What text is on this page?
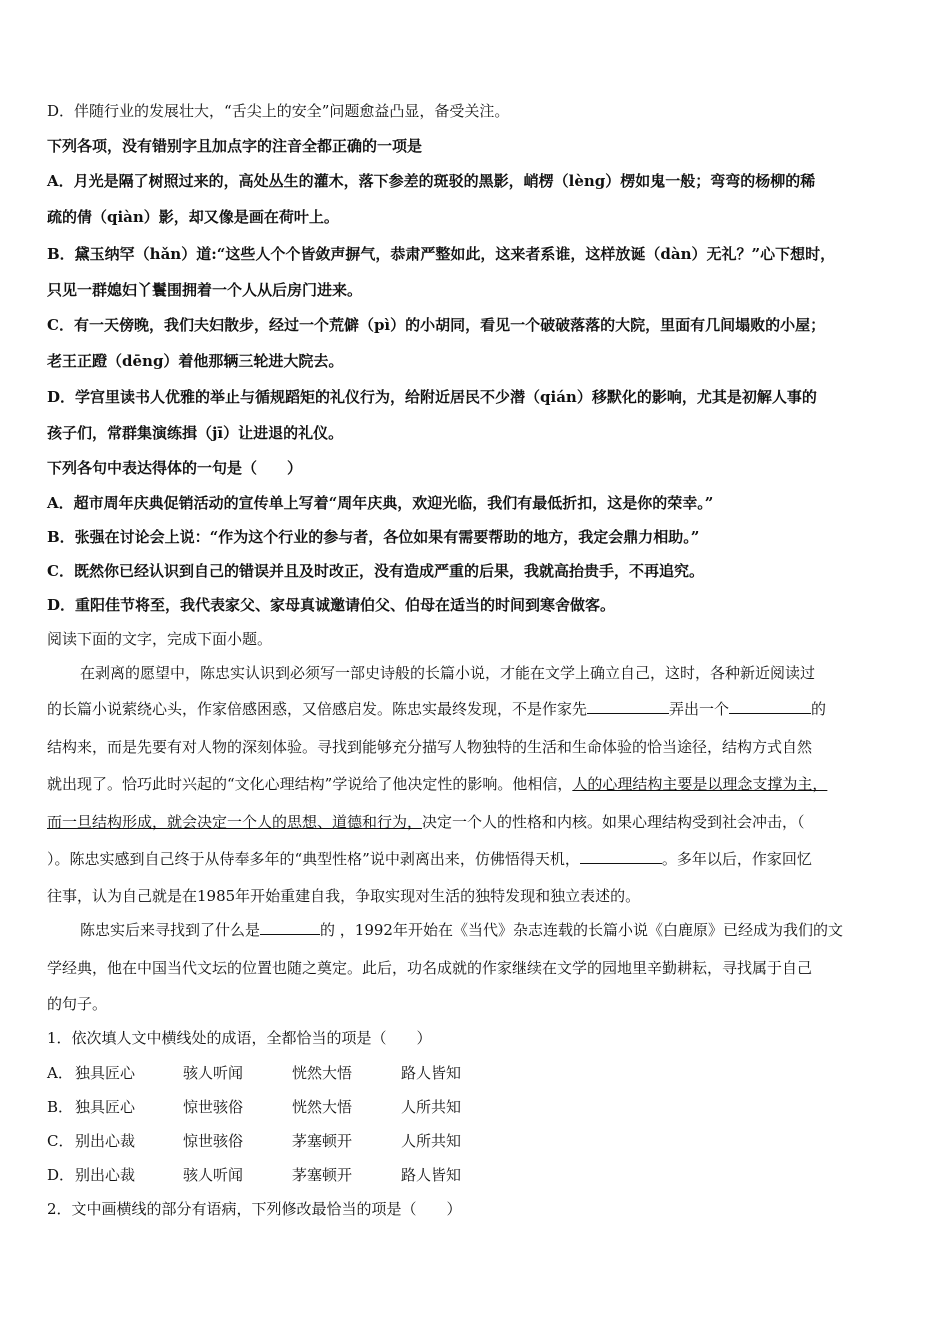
D．伴随行业的发展壮大，“舌尖上的安全”问题愈益凸显，备受关注。
下列各项，没有错别字且加点字的注音全都正确的一项是
A．月光是隔了树照过来的，高处丛生的灌木，落下参差的斑驳的黑影，峭楞（lèng）楞如鬼一般；弯弯的杨柳的稀
疏的倩（qiàn）影，却又像是画在荷叶上。
B．黛玉纳罕（hǎn）道:“这些人个个皆敛声摒气，恭肃严整如此，这来者系谁，这样放诞（dàn）无礼？”心下想时，
只见一群媳妇丫鬟围拥着一个人从后房门进来。
C．有一天傍晚，我们夫妇散步，经过一个荒僻（pì）的小胡同，看见一个破破落落的大院，里面有几间塌败的小屋；
老王正蹬（dēng）着他那辆三轮进大院去。
D．学宫里读书人优雅的举止与循规蹈矩的礼仪行为，给附近居民不少潜（qián）移默化的影响，尤其是初解人事的
孩子们，常群集演练揖（jī）让进退的礼仪。
下列各句中表达得体的一句是（　　）
A．超市周年庆典促销活动的宣传单上写着“周年庆典，欢迎光临，我们有最低折扣，这是你的荣幸。”
B．张强在讨论会上说：“作为这个行业的参与者，各位如果有需要帮助的地方，我定会鼎力相助。”
C．既然你已经认识到自己的错误并且及时改正，没有造成严重的后果，我就高抬贵手，不再追究。
D．重阳佳节将至，我代表家父、家母真诚邀请伯父、伯母在适当的时间到寒舍做客。
阅读下面的文字，完成下面小题。
在剥离的愿望中，陈忠实认识到必须写一部史诗般的长篇小说，才能在文学上确立自己，这时，各种新近阅读过
的长篇小说萦绕心头，作家倍感困惑，又倍感启发。陈忠实最终发现，不是作家先	弄出一个	的
结构来，而是先要有对人物的深刻体验。寻找到能够充分描写人物独特的生活和生命体验的恰当途径，结构方式自然
就出现了。恰巧此时兴起的“文化心理结构”学说给了他决定性的影响。他相信，人的心理结构主要是以理念支撑为主，
而一旦结构形成，就会决定一个人的思想、道德和行为，决定一个人的性格和内核。如果心理结构受到社会冲击，（
）。陈忠实感到自己终于从侍奉多年的“典型性格”说中剥离出来，仿佛悟得天机，	。多年以后，作家回忆
往事，认为自己就是在1985年开始重建自我，争取实现对生活的独特发现和独立表述的。
陈忠实后来寻找到了什么是	的 ，1992年开始在《当代》杂志连载的长篇小说《白鹿原》已经成为我们的文
学经典，他在中国当代文坛的位置也随之奠定。此后，功名成就的作家继续在文学的园地里辛勤耕耘，寻找属于自己
的句子。
1．依次填人文中横线处的成语，全都恰当的项是（　　）
A． 独具匠心	骇人听闻	恍然大悟	路人皆知
B． 独具匠心	惊世骇俗	恍然大悟	人所共知
C． 别出心裁	惊世骇俗	茅塞顿开	人所共知
D． 别出心裁	骇人听闻	茅塞顿开	路人皆知
2．文中画横线的部分有语病，下列修改最恰当的项是（　　）
